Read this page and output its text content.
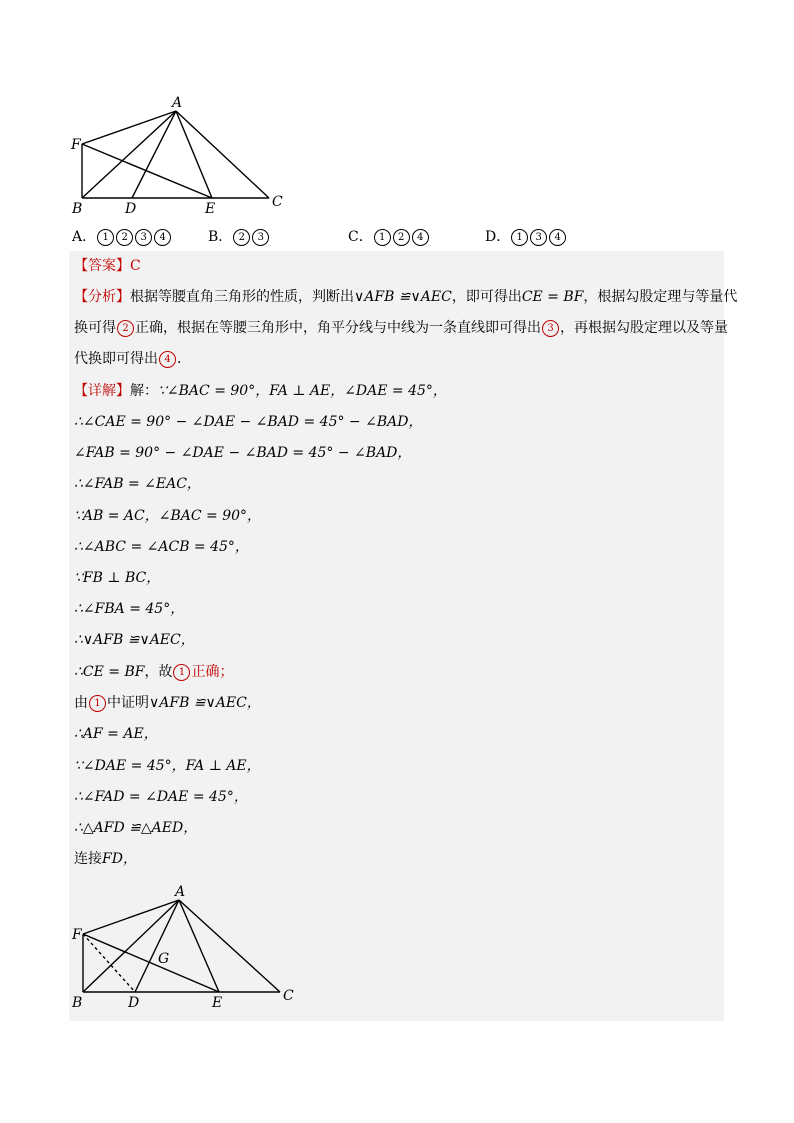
A
F
B	D	E	C
A． 1 2 3 4	B． 2 3	C． 1 2 4	D． 1 3 4
【答案】C
【分析】根据等腰直角三角形的性质，判断出∨AFB ≌∨AEC，即可得出CE = BF，根据勾股定理与等量代
换可得 2 正确，根据在等腰三角形中，角平分线与中线为一条直线即可得出 3 ，再根据勾股定理以及等量
代换即可得出 4 ．
【详解】解：∵∠BAC = 90°，FA ⊥ AE，∠DAE = 45°，
∴∠CAE = 90° − ∠DAE − ∠BAD = 45° − ∠BAD，
∠FAB = 90° − ∠DAE − ∠BAD = 45° − ∠BAD，
∴∠FAB = ∠EAC，
∵AB = AC，∠BAC = 90°，
∴∠ABC = ∠ACB = 45°，
∵FB ⊥ BC，
∴∠FBA = 45°，
∴∨AFB ≌∨AEC，
∴CE = BF，故 1 正确；
由 1 中证明∨AFB ≌∨AEC，
∴AF = AE，
∵∠DAE = 45°，FA ⊥ AE，
∴∠FAD = ∠DAE = 45°，
∴△AFD ≌△AED，
连接FD，
A
F
B	D
G
E	C
